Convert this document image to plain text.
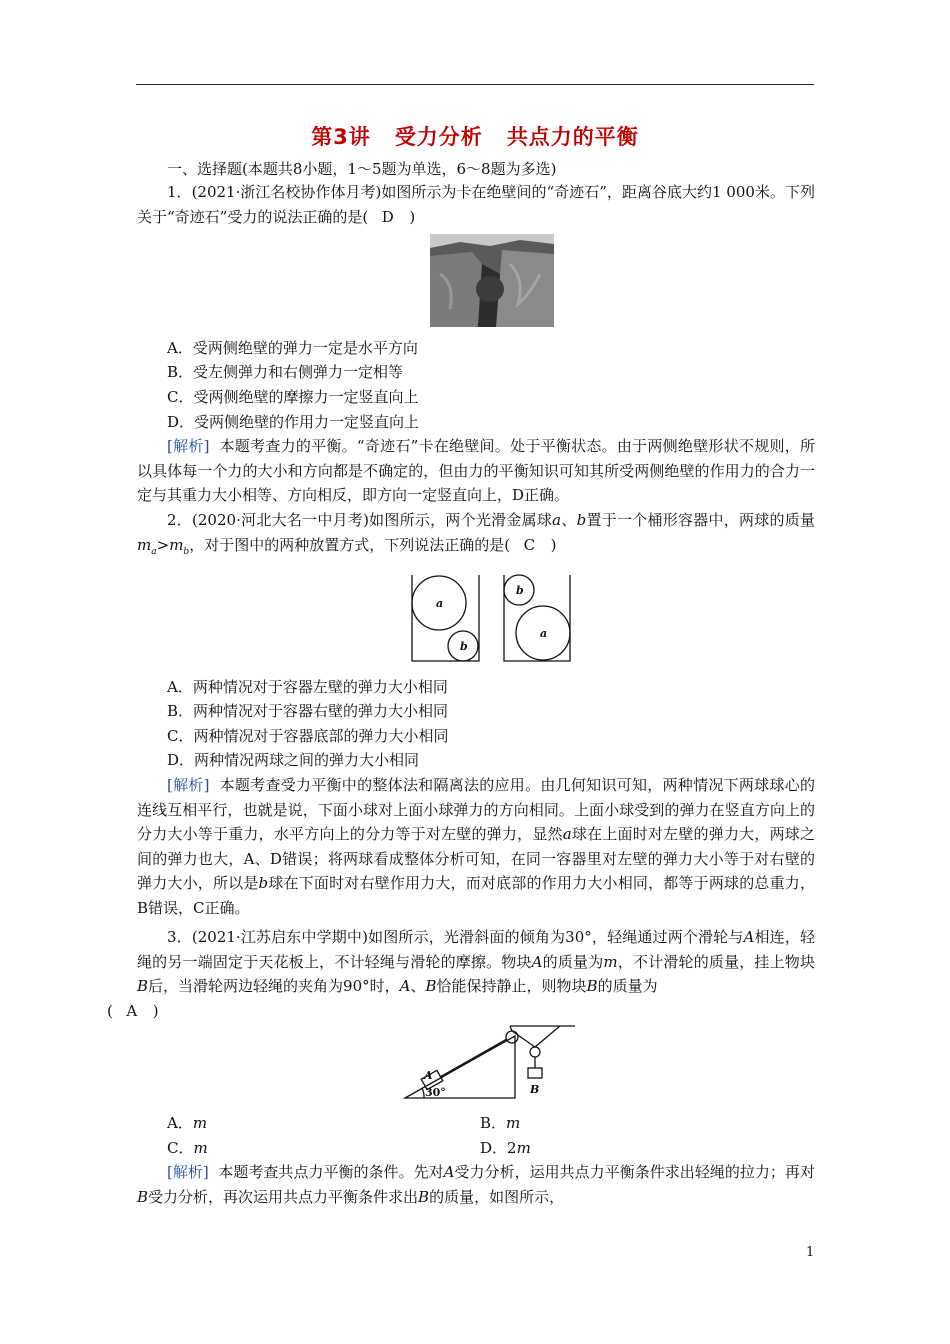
第3讲 受力分析 共点力的平衡
一、选择题(本题共8小题，1～5题为单选，6～8题为多选)
1．(2021·浙江名校协作体月考)如图所示为卡在绝壁间的“奇迹石”，距离谷底大约1 000米。下列关于“奇迹石”受力的说法正确的是( D )
A．受两侧绝壁的弹力一定是水平方向
B．受左侧弹力和右侧弹力一定相等
C．受两侧绝壁的摩擦力一定竖直向上
D．受两侧绝壁的作用力一定竖直向上
[解析] 本题考查力的平衡。“奇迹石”卡在绝壁间。处于平衡状态。由于两侧绝壁形状不规则，所以具体每一个力的大小和方向都是不确定的，但由力的平衡知识可知其所受两侧绝壁的作用力的合力一定与其重力大小相等、方向相反，即方向一定竖直向上，D正确。
2．(2020·河北大名一中月考)如图所示，两个光滑金属球a、b置于一个桶形容器中，两球的质量$m_a>m_b$，对于图中的两种放置方式，下列说法正确的是( C )
a
b
b
a
A．两种情况对于容器左壁的弹力大小相同
B．两种情况对于容器右壁的弹力大小相同
C．两种情况对于容器底部的弹力大小相同
D．两种情况两球之间的弹力大小相同
[解析] 本题考查受力平衡中的整体法和隔离法的应用。由几何知识可知，两种情况下两球球心的连线互相平行，也就是说，下面小球对上面小球弹力的方向相同。上面小球受到的弹力在竖直方向上的分力大小等于重力，水平方向上的分力等于对左壁的弹力，显然a球在上面时对左壁的弹力大，两球之间的弹力也大，A、D错误；将两球看成整体分析可知，在同一容器里对左壁的弹力大小等于对右壁的弹力大小，所以是b球在下面时对右壁作用力大，而对底部的作用力大小相同，都等于两球的总重力，B错误，C正确。
3．(2021·江苏启东中学期中)如图所示，光滑斜面的倾角为30°，轻绳通过两个滑轮与A相连，轻绳的另一端固定于天花板上，不计轻绳与滑轮的摩擦。物块A的质量为m，不计滑轮的质量，挂上物块B后，当滑轮两边轻绳的夹角为90°时，A、B恰能保持静止，则物块B的质量为
( A )
A
B
30°
A．m	B．m
C．m	D．2m
[解析] 本题考查共点力平衡的条件。先对A受力分析，运用共点力平衡条件求出轻绳的拉力；再对B受力分析，再次运用共点力平衡条件求出B的质量，如图所示，
1
